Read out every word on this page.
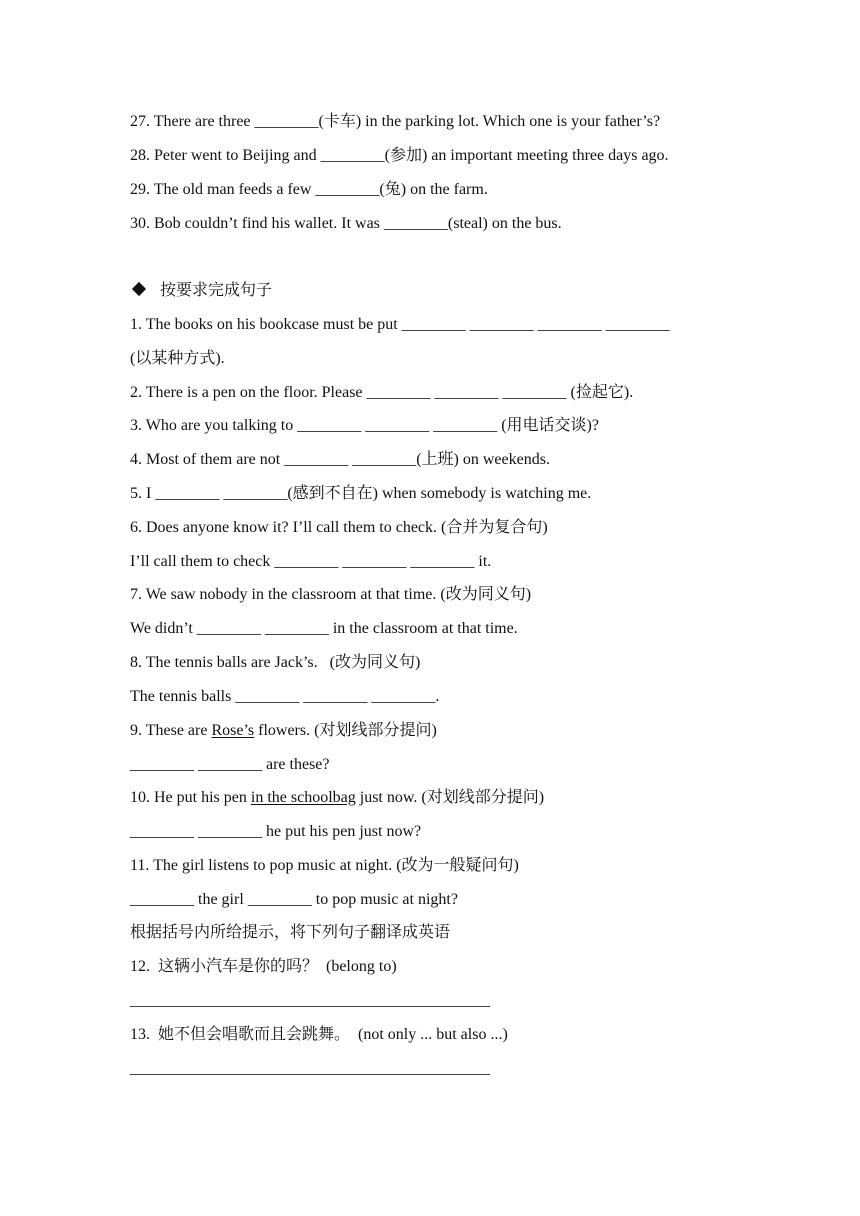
27. There are three ________(卡车) in the parking lot. Which one is your father’s?
28. Peter went to Beijing and ________(参加) an important meeting three days ago.
29. The old man feeds a few ________(兔) on the farm.
30. Bob couldn’t find his wallet. It was ________(steal) on the bus.
按要求完成句子
1. The books on his bookcase must be put ________ ________ ________ ________
(以某种方式).
2. There is a pen on the floor. Please ________ ________ ________ (捡起它).
3. Who are you talking to ________ ________ ________ (用电话交谈)?
4. Most of them are not ________ ________(上班) on weekends.
5. I ________ ________(感到不自在) when somebody is watching me.
6. Does anyone know it? I’ll call them to check. (合并为复合句)
I’ll call them to check ________ ________ ________ it.
7. We saw nobody in the classroom at that time. (改为同义句)
We didn’t ________ ________ in the classroom at that time.
8. The tennis balls are Jack’s.   (改为同义句)
The tennis balls ________ ________ ________.
9. These are Rose’s flowers. (对划线部分提问)
________ ________ are these?
10. He put his pen in the schoolbag just now. (对划线部分提问)
________ ________ he put his pen just now?
11. The girl listens to pop music at night. (改为一般疑问句)
________ the girl ________ to pop music at night?
根据括号内所给提示，将下列句子翻译成英语
12.  这辆小汽车是你的吗？  (belong to)
_____________________________________________
13.  她不但会唱歌而且会跳舞。  (not only ... but also ...)
_____________________________________________
